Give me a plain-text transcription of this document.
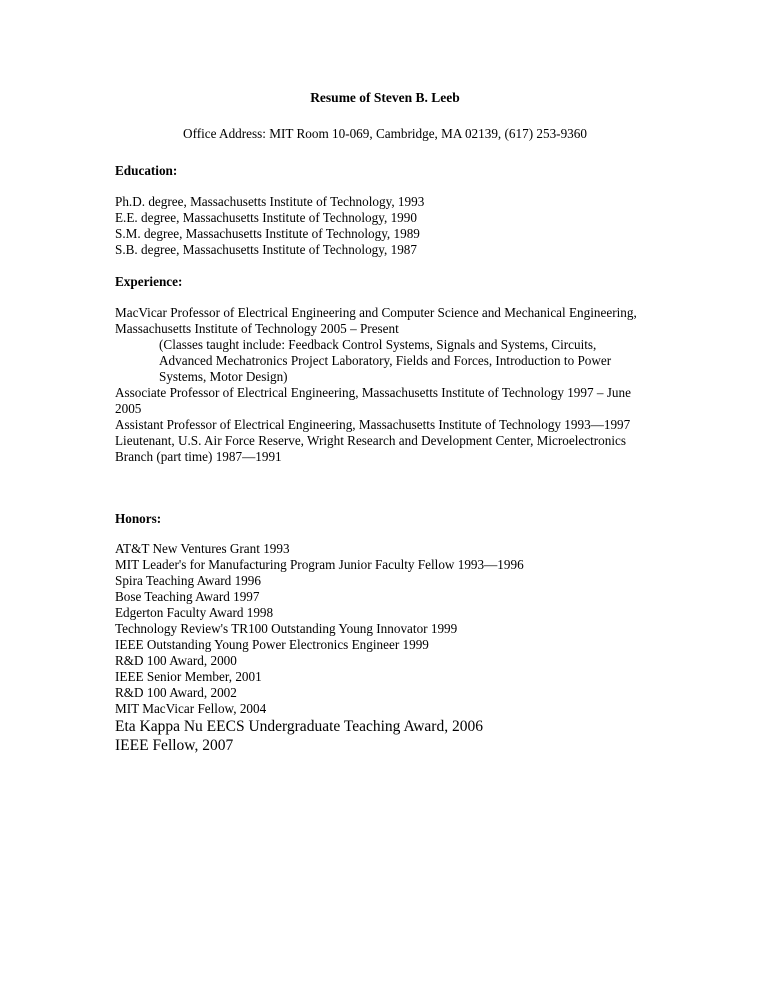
Resume of Steven B. Leeb
Office Address: MIT Room 10-069, Cambridge, MA 02139, (617) 253-9360
Education:
Ph.D. degree, Massachusetts Institute of Technology, 1993
E.E. degree, Massachusetts Institute of Technology, 1990
S.M. degree, Massachusetts Institute of Technology, 1989
S.B. degree, Massachusetts Institute of Technology, 1987
Experience:
MacVicar Professor of Electrical Engineering and Computer Science and Mechanical Engineering, Massachusetts Institute of Technology 2005 – Present
(Classes taught include: Feedback Control Systems, Signals and Systems, Circuits, Advanced Mechatronics Project Laboratory, Fields and Forces, Introduction to Power Systems, Motor Design)
Associate Professor of Electrical Engineering, Massachusetts Institute of Technology 1997 – June 2005
Assistant Professor of Electrical Engineering, Massachusetts Institute of Technology 1993—1997
Lieutenant, U.S. Air Force Reserve, Wright Research and Development Center, Microelectronics Branch (part time) 1987—1991
Honors:
AT&T New Ventures Grant 1993
MIT Leader's for Manufacturing Program Junior Faculty Fellow 1993—1996
Spira Teaching Award 1996
Bose Teaching Award 1997
Edgerton Faculty Award 1998
Technology Review's TR100 Outstanding Young Innovator 1999
IEEE Outstanding Young Power Electronics Engineer 1999
R&D 100 Award, 2000
IEEE Senior Member, 2001
R&D 100 Award, 2002
MIT MacVicar Fellow, 2004
Eta Kappa Nu EECS Undergraduate Teaching Award, 2006
IEEE Fellow, 2007
